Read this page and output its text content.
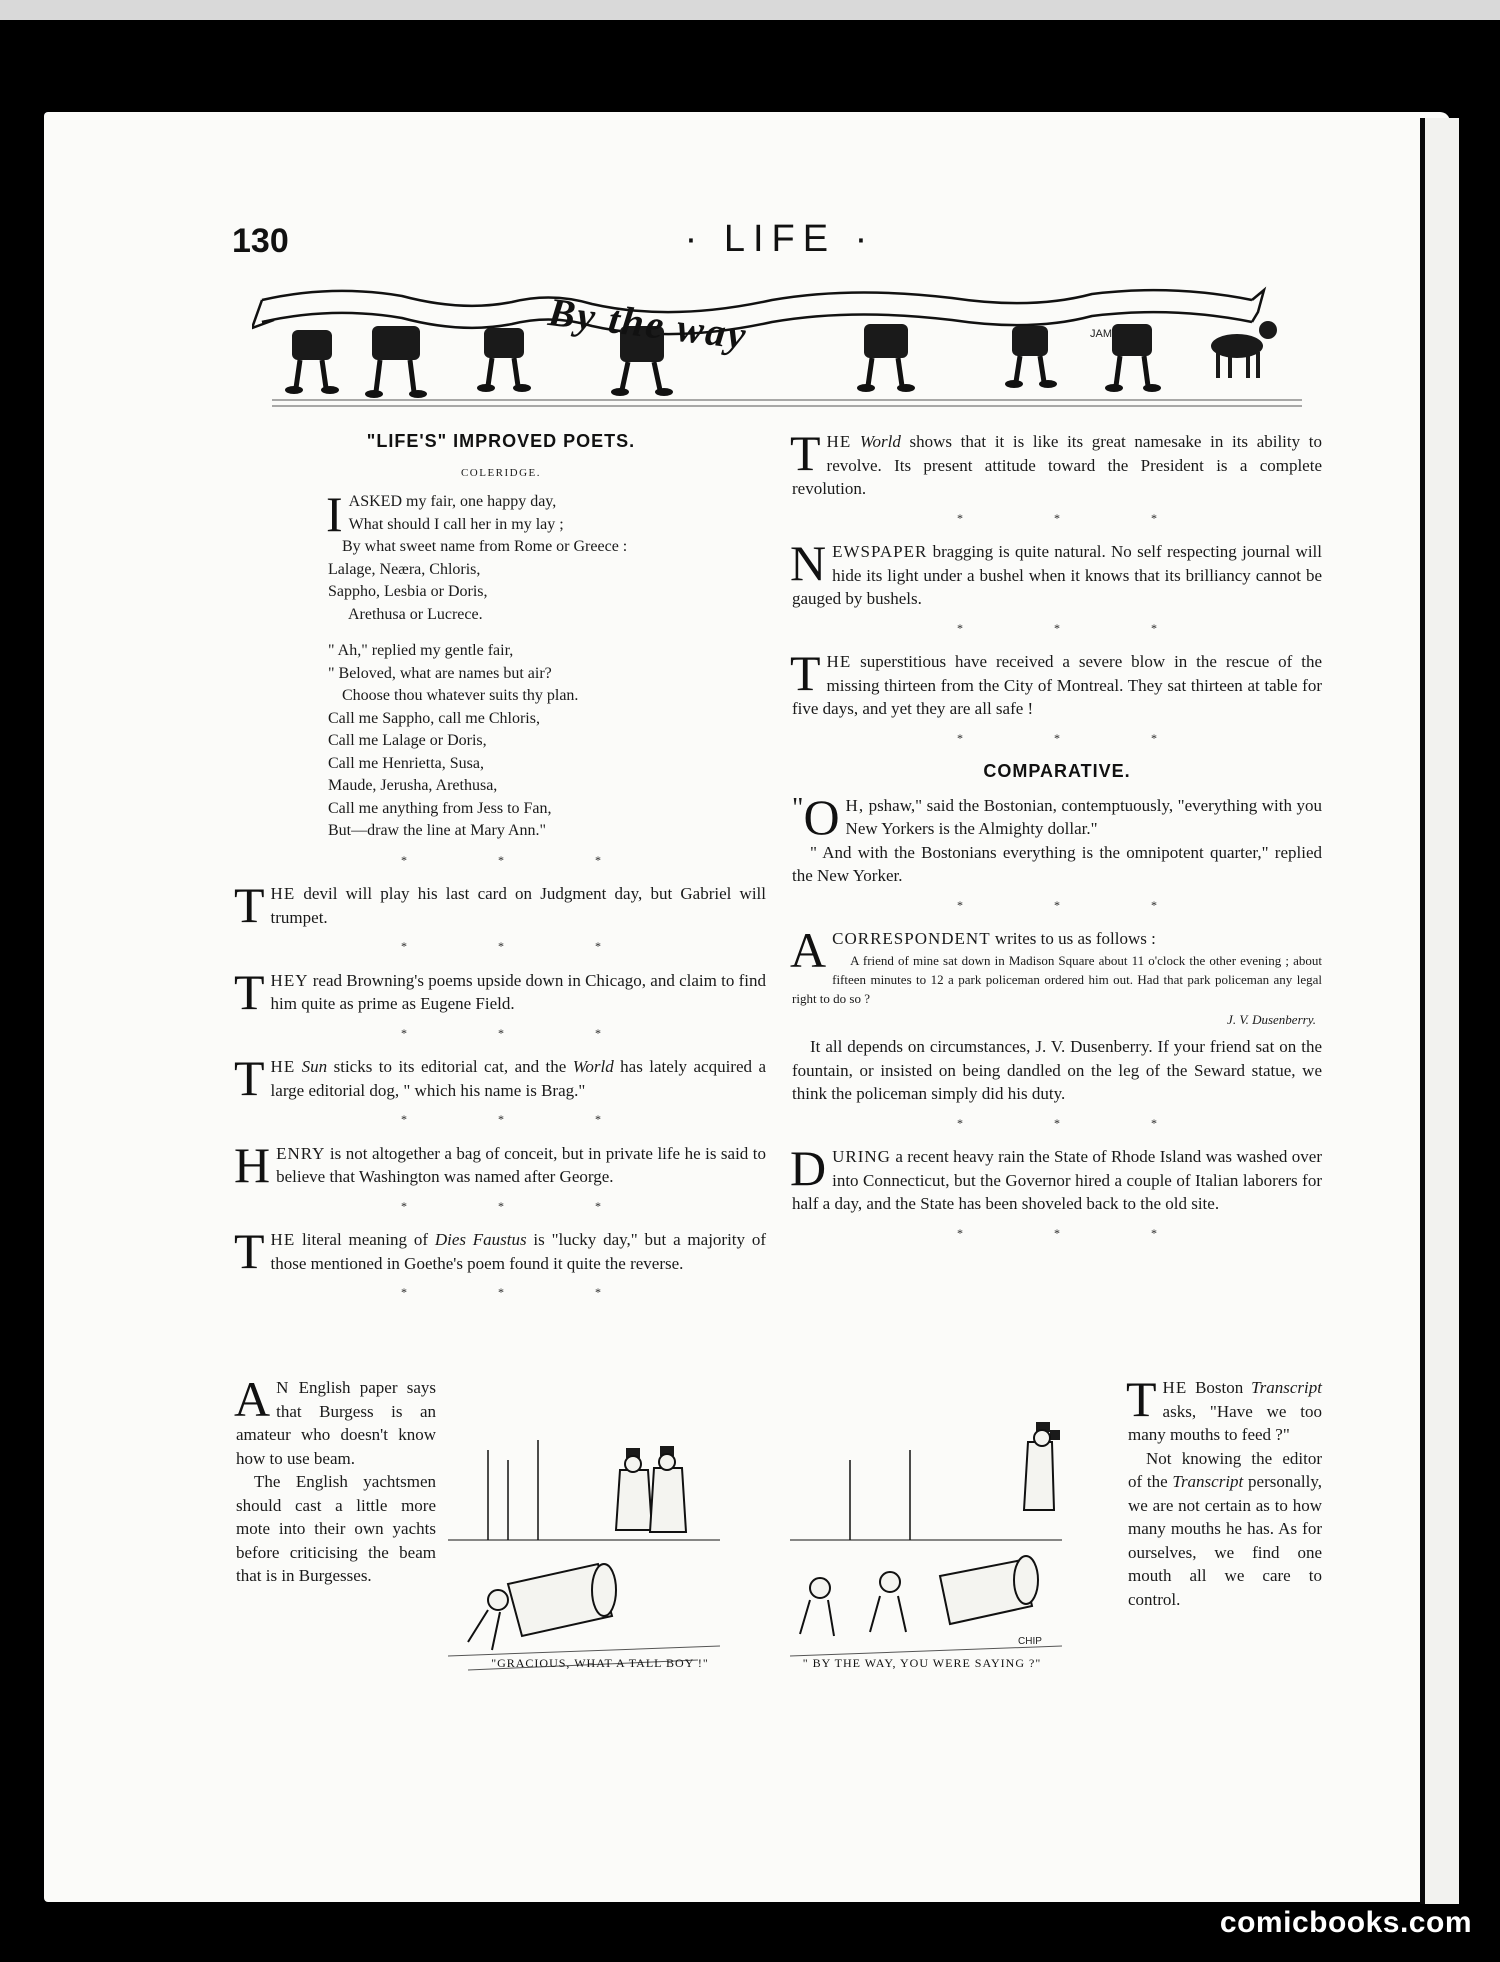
130	· LIFE ·
By the way	JAM
"LIFE'S" IMPROVED POETS.
COLERIDGE.
I ASKED my fair, one happy day,
What should I call her in my lay ;
By what sweet name from Rome or Greece :
Lalage, Neæra, Chloris,
Sappho, Lesbia or Doris,
Arethusa or Lucrece.
" Ah," replied my gentle fair,
" Beloved, what are names but air?
Choose thou whatever suits thy plan.
Call me Sappho, call me Chloris,
Call me Lalage or Doris,
Call me Henrietta, Susa,
Maude, Jerusha, Arethusa,
Call me anything from Jess to Fan,
But—draw the line at Mary Ann."
* * *

THE devil will play his last card on Judgment day, but Gabriel will trumpet.

* * *

THEY read Browning's poems upside down in Chicago, and claim to find him quite as prime as Eugene Field.

* * *

THE Sun sticks to its editorial cat, and the World has lately acquired a large editorial dog, " which his name is Brag."

* * *

HENRY is not altogether a bag of conceit, but in private life he is said to believe that Washington was named after George.

* * *

THE literal meaning of Dies Faustus is "lucky day," but a majority of those mentioned in Goethe's poem found it quite the reverse.

* * *

THE World shows that it is like its great namesake in its ability to revolve. Its present attitude toward the President is a complete revolution.

* * *

NEWSPAPER bragging is quite natural. No self respecting journal will hide its light under a bushel when it knows that its brilliancy cannot be gauged by bushels.

* * *

THE superstitious have received a severe blow in the rescue of the missing thirteen from the City of Montreal. They sat thirteen at table for five days, and yet they are all safe !

* * *
COMPARATIVE.

" O H, pshaw," said the Bostonian, contemptuously, "everything with you New Yorkers is the Almighty dollar."

" And with the Bostonians everything is the omnipotent quarter," replied the New Yorker.

* * *

ACORRESPONDENT writes to us as follows :

A friend of mine sat down in Madison Square about 11 o'clock the other evening ; about fifteen minutes to 12 a park policeman ordered him out. Had that park policeman any legal right to do so ?

J. V. Dusenberry.

It all depends on circumstances, J. V. Dusenberry. If your friend sat on the fountain, or insisted on being dandled on the leg of the Seward statue, we think the policeman simply did his duty.

* * *

DURING a recent heavy rain the State of Rhode Island was washed over into Connecticut, but the Governor hired a couple of Italian laborers for half a day, and the State has been shoveled back to the old site.

* * *

A N English paper says that Burgess is an amateur who doesn't know how to use beam.

The English yachtsmen should cast a little more mote into their own yachts before criticising the beam that is in Burgesses.

"GRACIOUS, WHAT A TALL BOY !"
CHIP
" BY THE WAY, YOU WERE SAYING ?"

THE Boston Transcript asks, "Have we too many mouths to feed ?"

Not knowing the editor of the Transcript personally, we are not certain as to how many mouths he has. As for ourselves, we find one mouth all we care to control.

comicbooks.com
